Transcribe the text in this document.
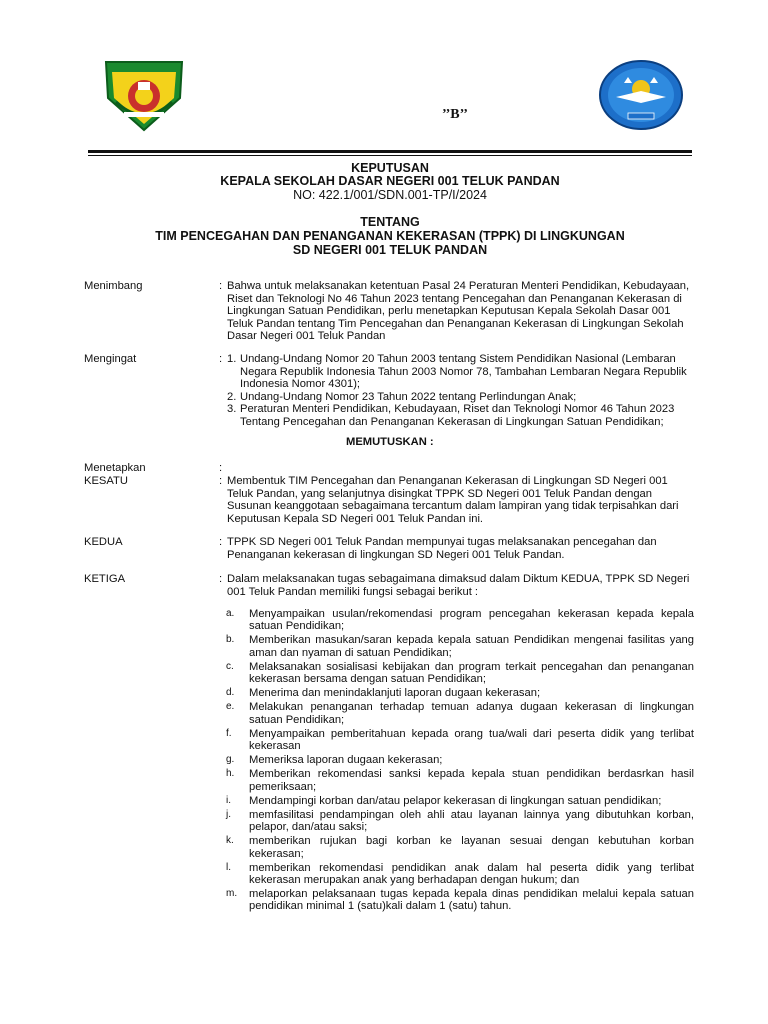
’’B’’
KEPUTUSAN
KEPALA SEKOLAH DASAR NEGERI 001 TELUK PANDAN
NO: 422.1/001/SDN.001-TP/I/2024
TENTANG
TIM PENCEGAHAN DAN PENANGANAN KEKERASAN (TPPK) DI LINGKUNGAN
SD NEGERI 001 TELUK PANDAN
Menimbang	: Bahwa untuk melaksanakan ketentuan Pasal 24 Peraturan Menteri Pendidikan, Kebudayaan, Riset dan Teknologi No 46 Tahun 2023 tentang Pencegahan dan Penanganan Kekerasan di Lingkungan Satuan Pendidikan, perlu menetapkan Keputusan Kepala Sekolah Dasar 001 Teluk Pandan tentang Tim Pencegahan dan Penanganan Kekerasan di Lingkungan Sekolah Dasar Negeri 001 Teluk Pandan
Mengingat	: 1. Undang-Undang Nomor 20 Tahun 2003 tentang Sistem Pendidikan Nasional (Lembaran Negara Republik Indonesia Tahun 2003 Nomor 78, Tambahan Lembaran Negara Republik Indonesia Nomor 4301);
2. Undang-Undang Nomor 23 Tahun 2022 tentang Perlindungan Anak;
3. Peraturan Menteri Pendidikan, Kebudayaan, Riset dan Teknologi Nomor 46 Tahun 2023 Tentang Pencegahan dan Penanganan Kekerasan di Lingkungan Satuan Pendidikan;
MEMUTUSKAN :
Menetapkan	:
KESATU	: Membentuk TIM Pencegahan dan Penanganan Kekerasan di Lingkungan SD Negeri 001 Teluk Pandan, yang selanjutnya disingkat TPPK SD Negeri 001 Teluk Pandan dengan Susunan keanggotaan sebagaimana tercantum dalam lampiran yang tidak terpisahkan dari Keputusan Kepala SD Negeri 001 Teluk Pandan ini.
KEDUA	: TPPK SD Negeri 001 Teluk Pandan mempunyai tugas melaksanakan pencegahan dan Penanganan kekerasan di lingkungan SD Negeri 001 Teluk Pandan.
KETIGA	: Dalam melaksanakan tugas sebagaimana dimaksud dalam Diktum KEDUA, TPPK SD Negeri 001 Teluk Pandan memiliki fungsi sebagai berikut :
a. Menyampaikan usulan/rekomendasi program pencegahan kekerasan kepada kepala satuan Pendidikan;
b. Memberikan masukan/saran kepada kepala satuan Pendidikan mengenai fasilitas yang aman dan nyaman di satuan Pendidikan;
c. Melaksanakan sosialisasi kebijakan dan program terkait pencegahan dan penanganan kekerasan bersama dengan satuan Pendidikan;
d. Menerima dan menindaklanjuti laporan dugaan kekerasan;
e. Melakukan penanganan terhadap temuan adanya dugaan kekerasan di lingkungan satuan Pendidikan;
f. Menyampaikan pemberitahuan kepada orang tua/wali dari peserta didik yang terlibat kekerasan
g. Memeriksa laporan dugaan kekerasan;
h. Memberikan rekomendasi sanksi kepada kepala stuan pendidikan berdasrkan hasil pemeriksaan;
i. Mendampingi korban dan/atau pelapor kekerasan di lingkungan satuan pendidikan;
j. memfasilitasi pendampingan oleh ahli atau layanan lainnya yang dibutuhkan korban, pelapor, dan/atau saksi;
k. memberikan rujukan bagi korban ke layanan sesuai dengan kebutuhan korban kekerasan;
l. memberikan rekomendasi pendidikan anak dalam hal peserta didik yang terlibat kekerasan merupakan anak yang berhadapan dengan hukum; dan
m. melaporkan pelaksanaan tugas kepada kepala dinas pendidikan melalui kepala satuan pendidikan minimal 1 (satu)kali dalam 1 (satu) tahun.
